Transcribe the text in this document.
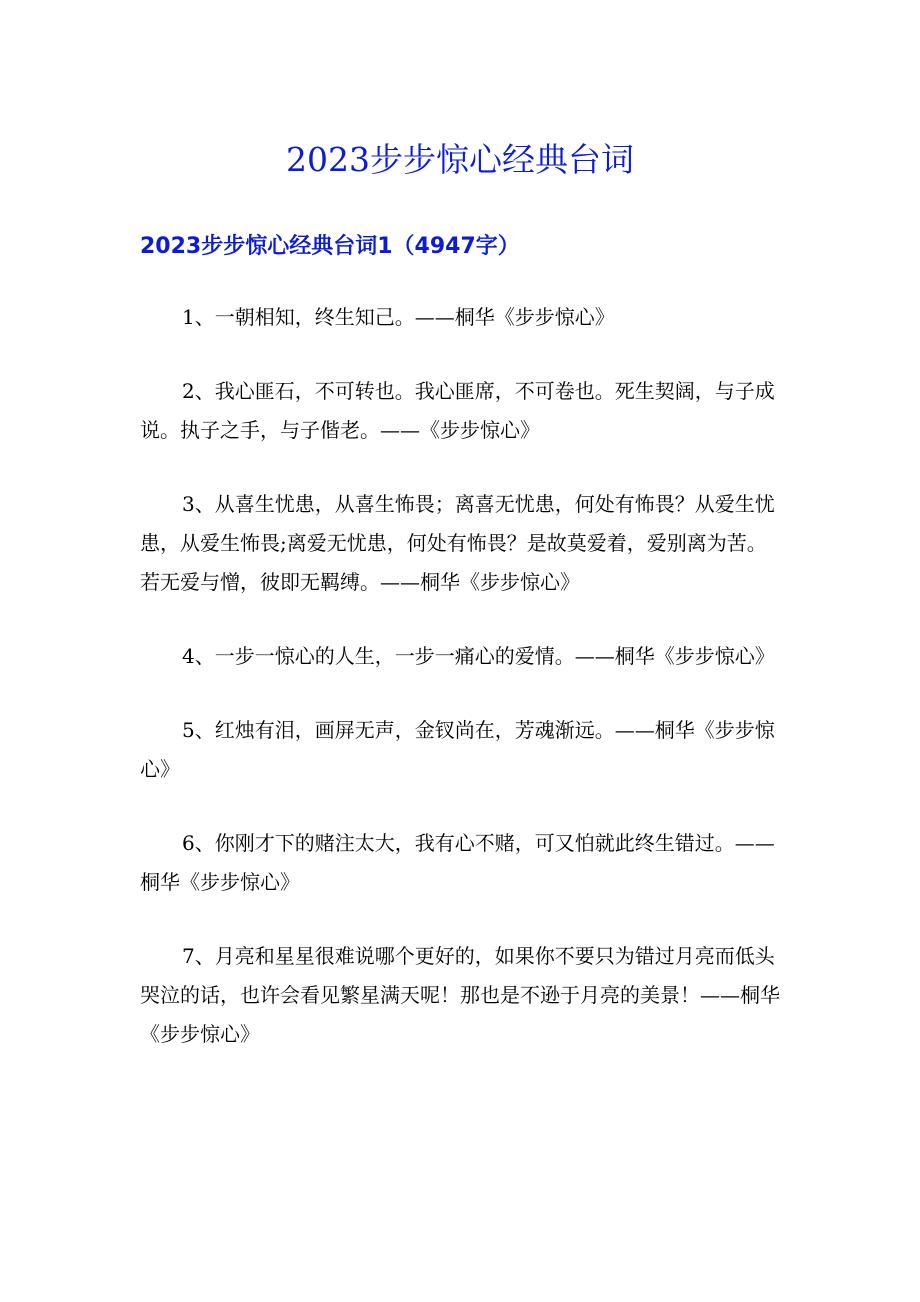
2023步步惊心经典台词
2023步步惊心经典台词1（4947字）

1、一朝相知，终生知己。——桐华《步步惊心》

2、我心匪石，不可转也。我心匪席，不可卷也。死生契阔，与子成说。执子之手，与子偕老。——《步步惊心》

3、从喜生忧患，从喜生怖畏；离喜无忧患，何处有怖畏？从爱生忧患，从爱生怖畏;离爱无忧患，何处有怖畏？是故莫爱着，爱别离为苦。若无爱与憎，彼即无羁缚。——桐华《步步惊心》

4、一步一惊心的人生，一步一痛心的爱情。——桐华《步步惊心》

5、红烛有泪，画屏无声，金钗尚在，芳魂渐远。——桐华《步步惊心》

6、你刚才下的赌注太大，我有心不赌，可又怕就此终生错过。——桐华《步步惊心》

7、月亮和星星很难说哪个更好的，如果你不要只为错过月亮而低头哭泣的话，也许会看见繁星满天呢！那也是不逊于月亮的美景！——桐华《步步惊心》
